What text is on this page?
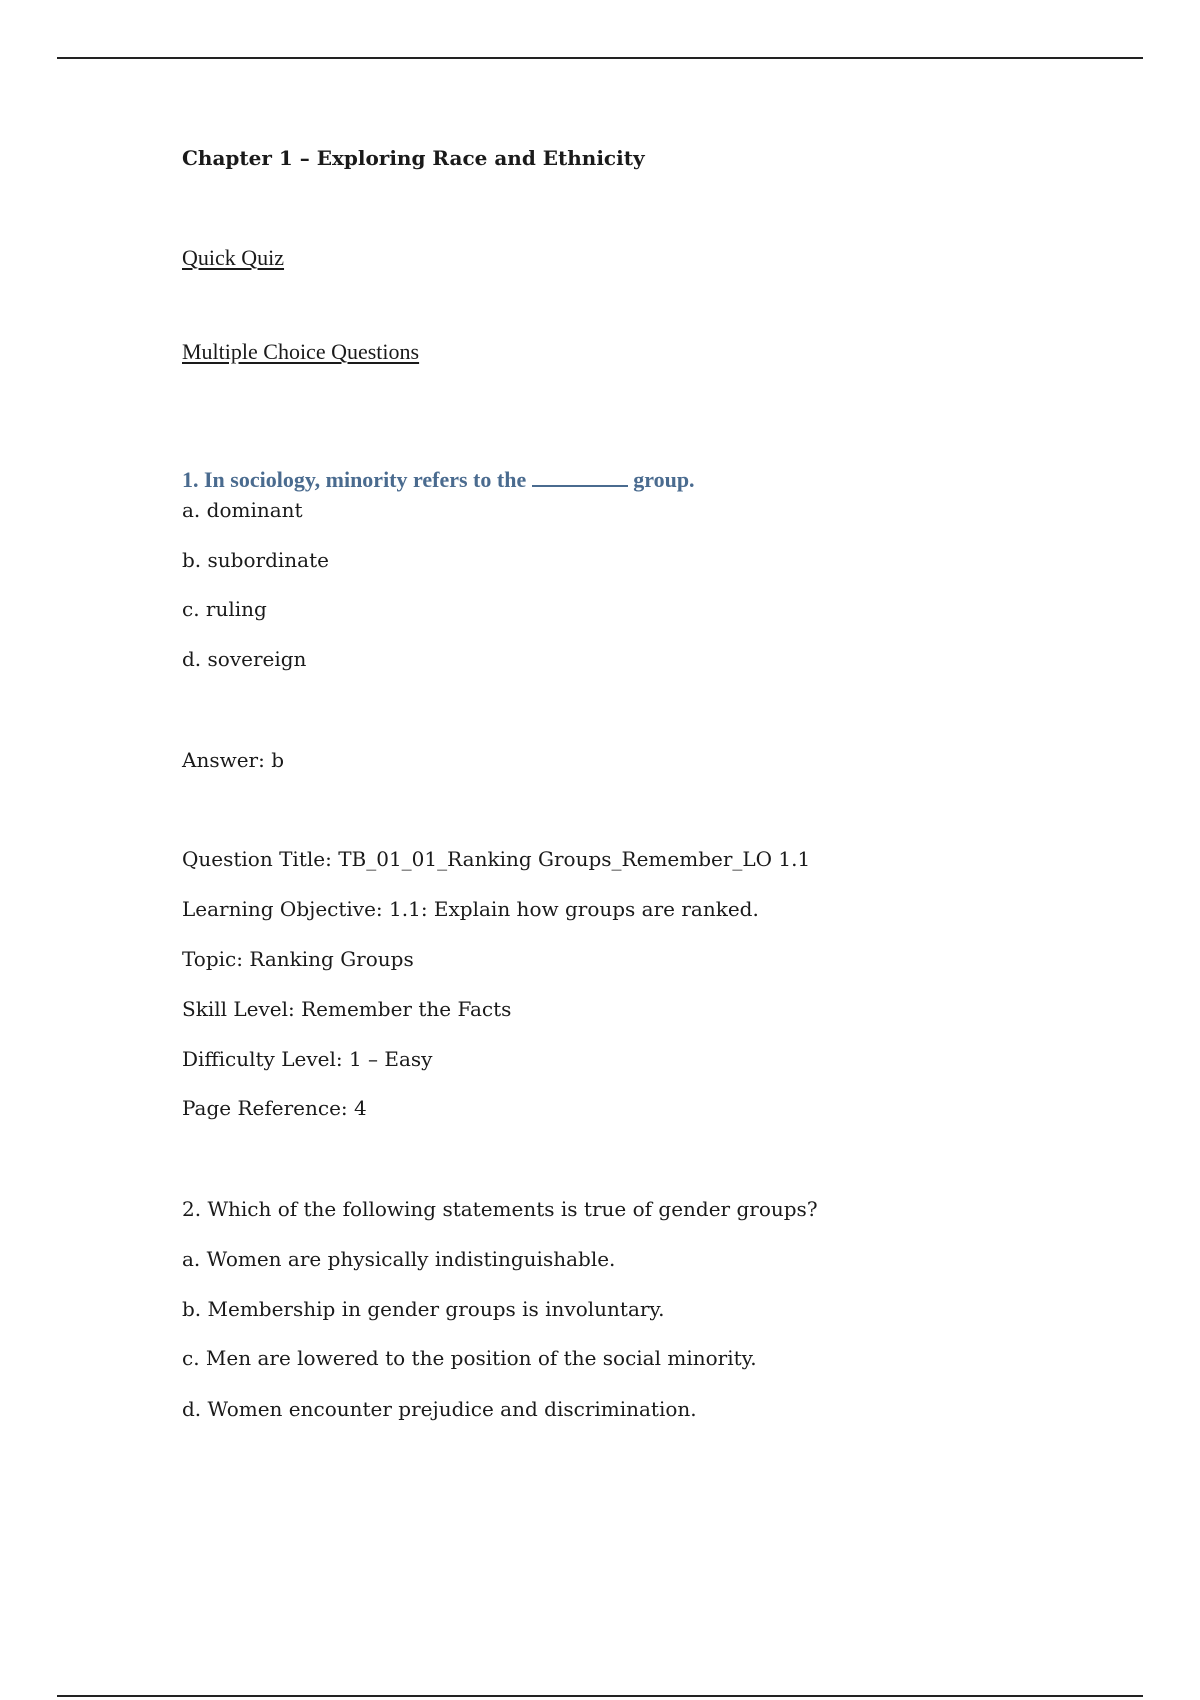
Chapter 1 – Exploring Race and Ethnicity
Quick Quiz
Multiple Choice Questions
1. In sociology, minority refers to the	group.
a. dominant
b. subordinate
c. ruling
d. sovereign
Answer: b
Question Title: TB_01_01_Ranking Groups_Remember_LO 1.1
Learning Objective: 1.1: Explain how groups are ranked.
Topic: Ranking Groups
Skill Level: Remember the Facts
Difficulty Level: 1 – Easy
Page Reference: 4
2. Which of the following statements is true of gender groups?
a. Women are physically indistinguishable.
b. Membership in gender groups is involuntary.
c. Men are lowered to the position of the social minority.
d. Women encounter prejudice and discrimination.
